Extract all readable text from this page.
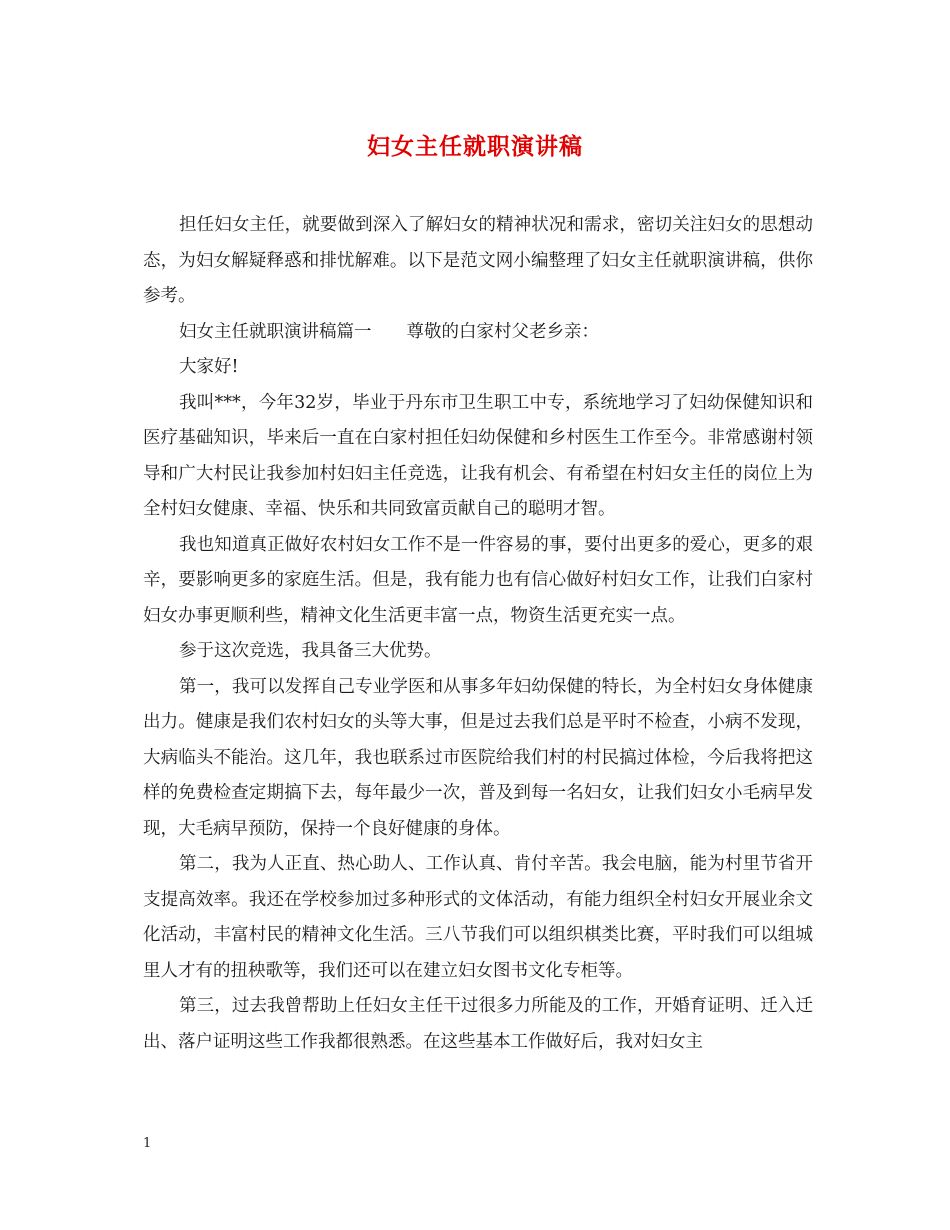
妇女主任就职演讲稿

担任妇女主任，就要做到深入了解妇女的精神状况和需求，密切关注妇女的思想动态，为妇女解疑释惑和排忧解难。以下是范文网小编整理了妇女主任就职演讲稿，供你参考。

妇女主任就职演讲稿篇一　　尊敬的白家村父老乡亲：

大家好!

我叫***，今年32岁，毕业于丹东市卫生职工中专，系统地学习了妇幼保健知识和医疗基础知识，毕来后一直在白家村担任妇幼保健和乡村医生工作至今。非常感谢村领导和广大村民让我参加村妇妇主任竞选，让我有机会、有希望在村妇女主任的岗位上为全村妇女健康、幸福、快乐和共同致富贡献自己的聪明才智。

我也知道真正做好农村妇女工作不是一件容易的事，要付出更多的爱心，更多的艰辛，要影响更多的家庭生活。但是，我有能力也有信心做好村妇女工作，让我们白家村妇女办事更顺利些，精神文化生活更丰富一点，物资生活更充实一点。

参于这次竞选，我具备三大优势。

第一，我可以发挥自己专业学医和从事多年妇幼保健的特长，为全村妇女身体健康出力。健康是我们农村妇女的头等大事，但是过去我们总是平时不检查，小病不发现，大病临头不能治。这几年，我也联系过市医院给我们村的村民搞过体检，今后我将把这样的免费检查定期搞下去，每年最少一次，普及到每一名妇女，让我们妇女小毛病早发现，大毛病早预防，保持一个良好健康的身体。

第二，我为人正直、热心助人、工作认真、肯付辛苦。我会电脑，能为村里节省开支提高效率。我还在学校参加过多种形式的文体活动，有能力组织全村妇女开展业余文化活动，丰富村民的精神文化生活。三八节我们可以组织棋类比赛，平时我们可以组城里人才有的扭秧歌等，我们还可以在建立妇女图书文化专柜等。

第三，过去我曾帮助上任妇女主任干过很多力所能及的工作，开婚育证明、迁入迁出、落户证明这些工作我都很熟悉。在这些基本工作做好后，我对妇女主

1
